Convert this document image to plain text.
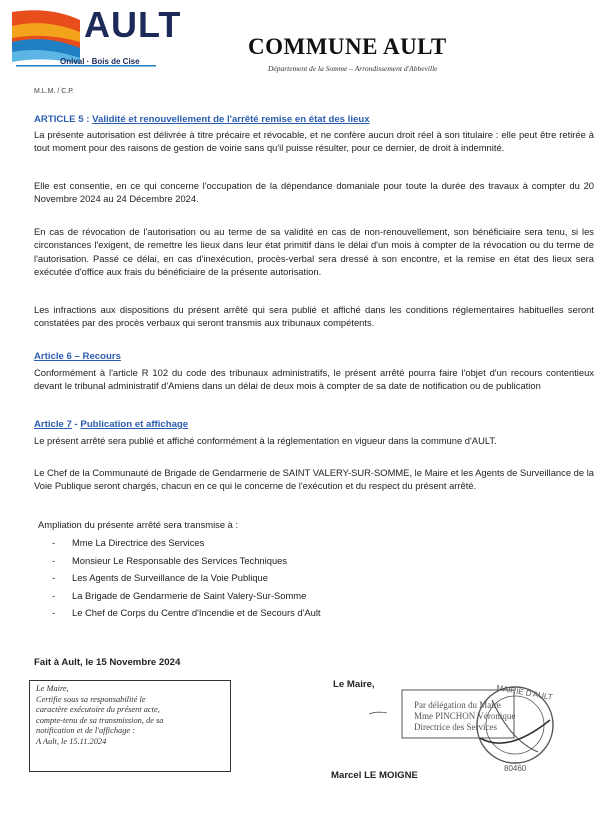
AULT
Onival · Bois de Cise
COMMUNE AULT
Département de la Somme – Arrondissement d'Abbeville
M.L.M. / C.P.
ARTICLE 5 : Validité et renouvellement de l'arrêté remise en état des lieux
La présente autorisation est délivrée à titre précaire et révocable, et ne confère aucun droit réel à son titulaire : elle peut être retirée à tout moment pour des raisons de gestion de voirie sans qu'il puisse résulter, pour ce dernier, de droit à indemnité.
Elle est consentie, en ce qui concerne l'occupation de la dépendance domaniale pour toute la durée des travaux à compter du 20 Novembre 2024 au 24 Décembre 2024.
En cas de révocation de l'autorisation ou au terme de sa validité en cas de non-renouvellement, son bénéficiaire sera tenu, si les circonstances l'exigent, de remettre les lieux dans leur état primitif dans le délai d'un mois à compter de la révocation ou du terme de l'autorisation. Passé ce délai, en cas d'inexécution, procès-verbal sera dressé à son encontre, et la remise en état des lieux sera exécutée d'office aux frais du bénéficiaire de la présente autorisation.
Les infractions aux dispositions du présent arrêté qui sera publié et affiché dans les conditions réglementaires habituelles seront constatées par des procès verbaux qui seront transmis aux tribunaux compétents.
Article 6 – Recours
Conformément à l'article R 102 du code des tribunaux administratifs, le présent arrêté pourra faire l'objet d'un recours contentieux devant le tribunal administratif d'Amiens dans un délai de deux mois à compter de sa date de notification ou de publication
Article 7 - Publication et affichage
Le présent arrêté sera publié et affiché conformément à la réglementation en vigueur dans la commune d'AULT.
Le Chef de la Communauté de Brigade de Gendarmerie de SAINT VALERY-SUR-SOMME, le Maire et les Agents de Surveillance de la Voie Publique seront chargés, chacun en ce qui le concerne de l'exécution et du respect du présent arrêté.
Ampliation du présente arrêté sera transmise à :
-	Mme La Directrice des Services
-	Monsieur Le Responsable des Services Techniques
-	Les Agents de Surveillance de la Voie Publique
-	La Brigade de Gendarmerie de Saint Valery-Sur-Somme
-	Le Chef de Corps du Centre d'Incendie et de Secours d'Ault
Fait à Ault, le 15 Novembre 2024
Le Maire,
Certifie sous sa responsabilité le
caractère exécutoire du présent acte,
compte-tenu de sa transmission, de sa
notification et de l'affichage :
A Ault, le 15.11.2024
Le Maire,
Marcel LE MOIGNE
Par délégation du Maire
Mme PINCHON Véronique
Directrice des Services
MAIRIE D'AULT
80460
